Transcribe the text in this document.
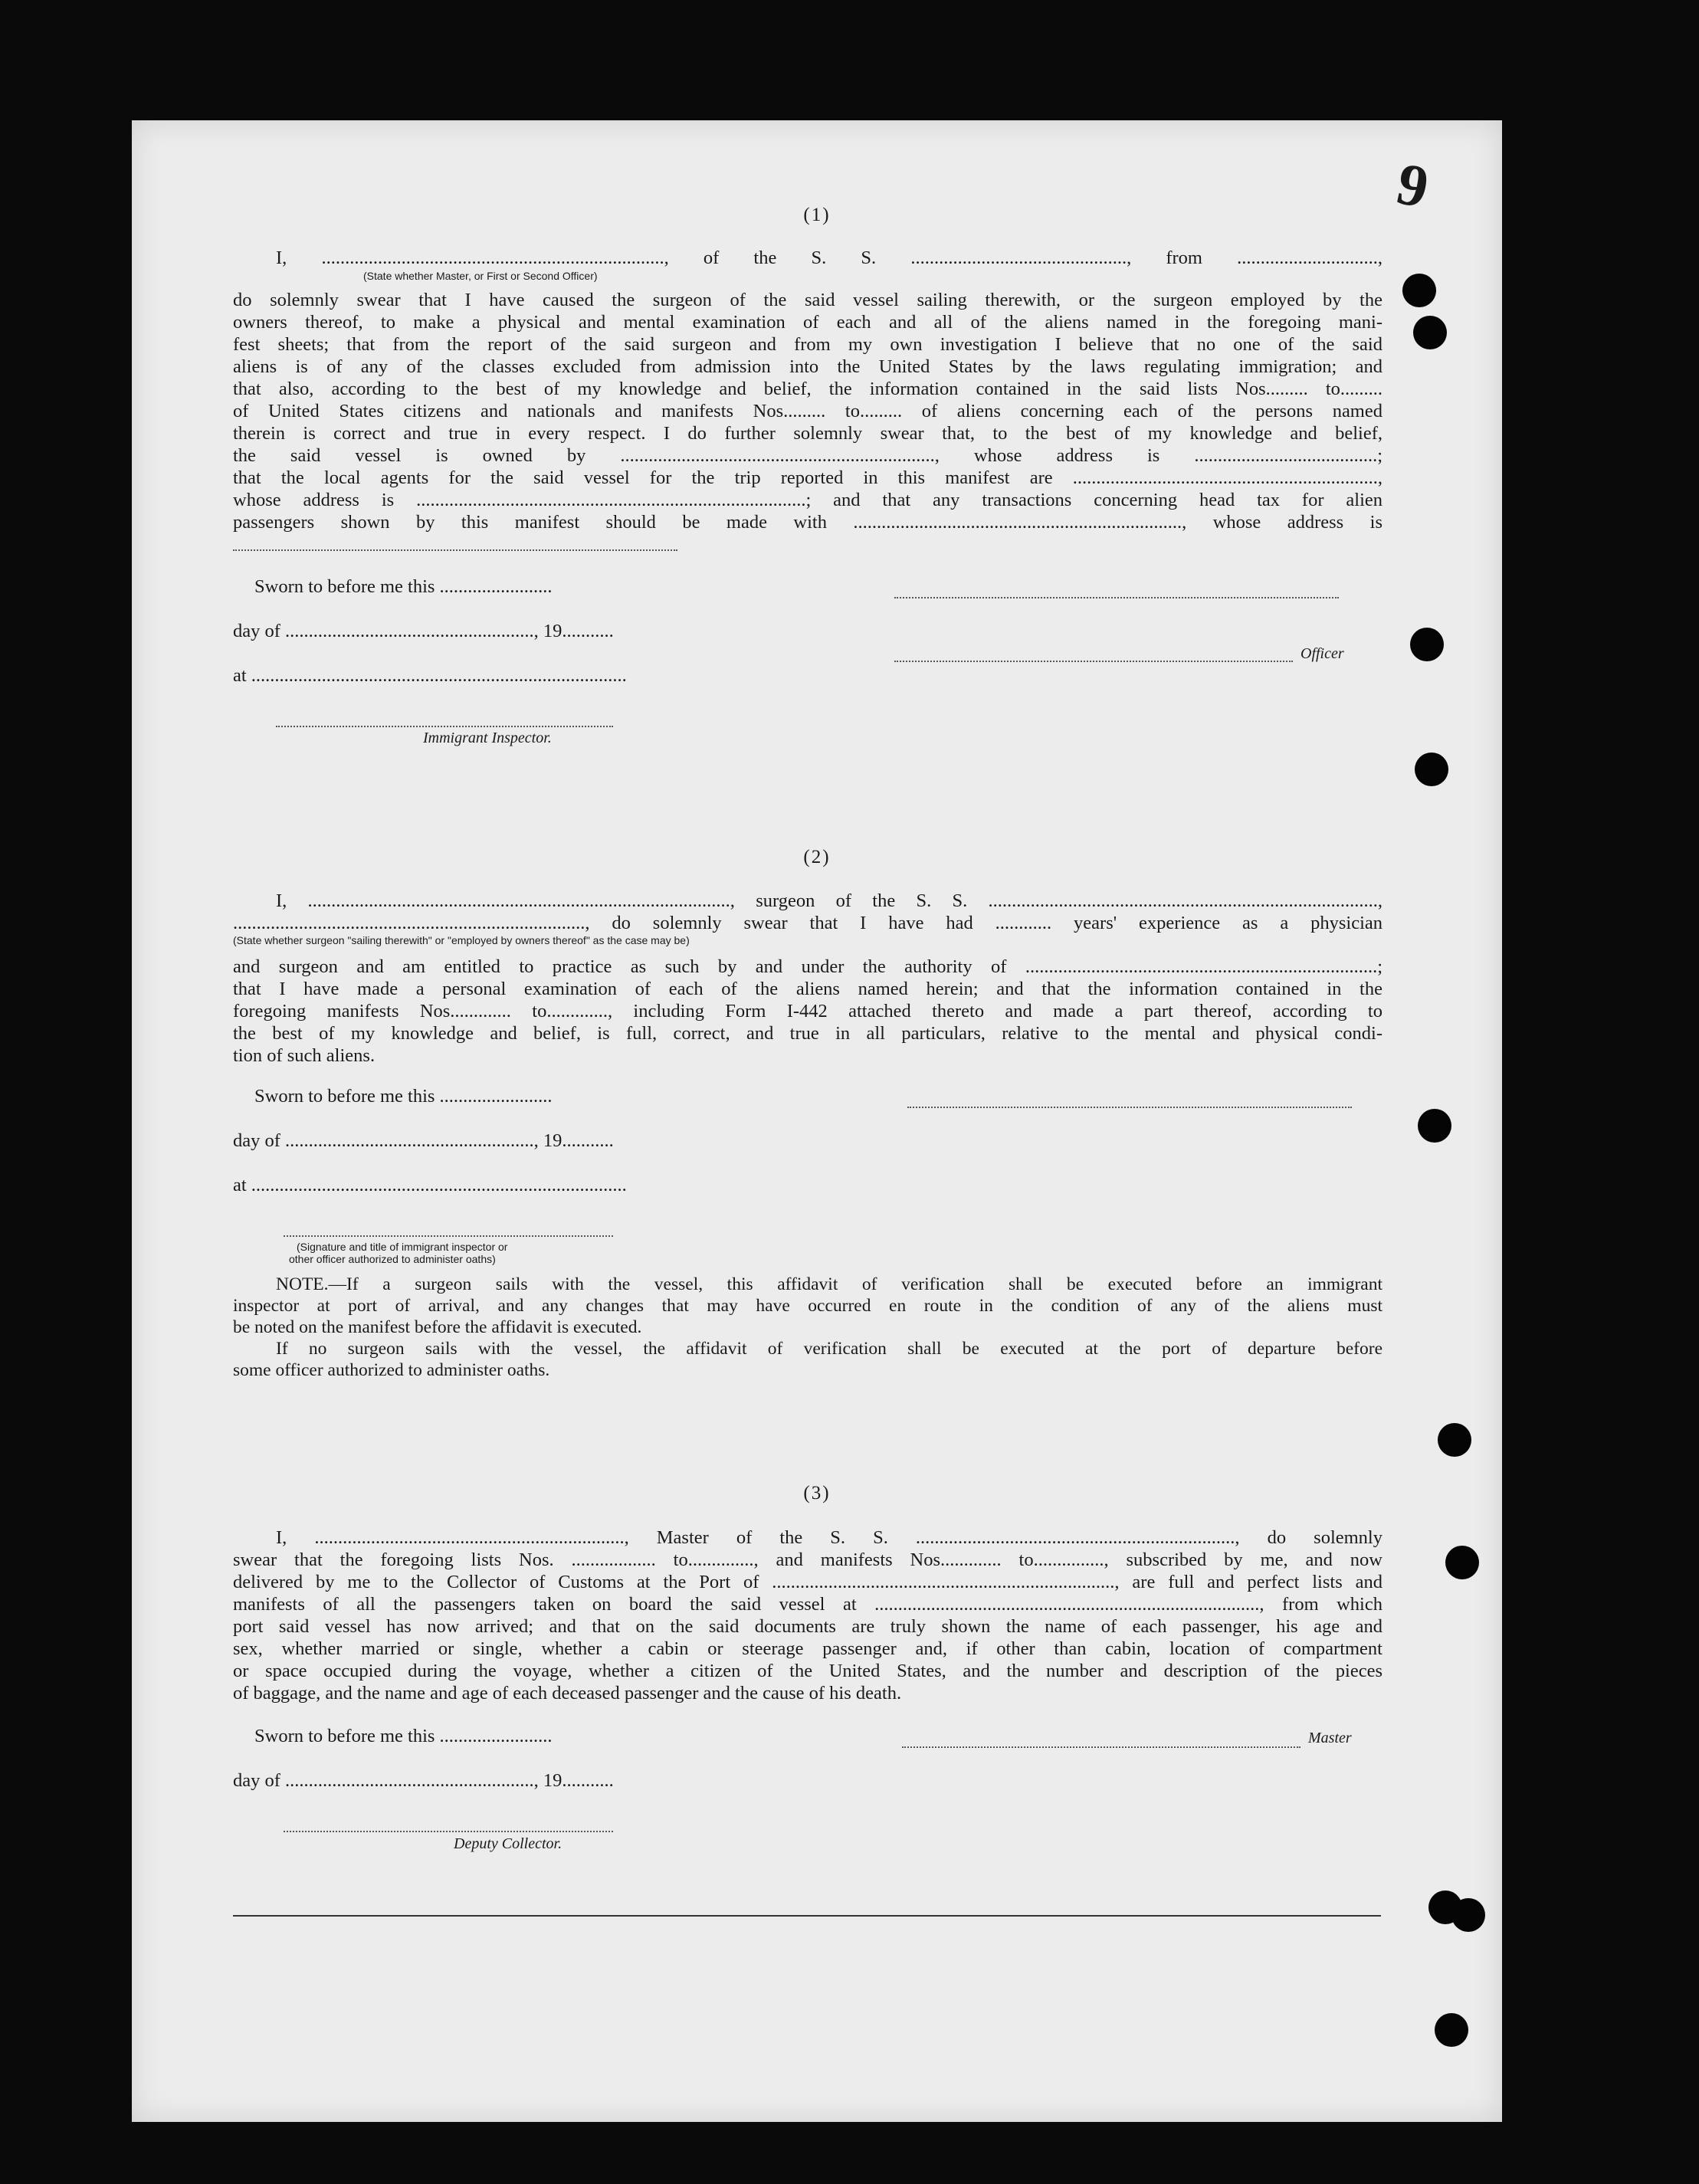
9
(1)
I, ........................................................................., of the S. S. .............................................., from ..............................,
(State whether Master, or First or Second Officer)
do solemnly swear that I have caused the surgeon of the said vessel sailing therewith, or the surgeon employed by the
owners thereof, to make a physical and mental examination of each and all of the aliens named in the foregoing mani-
fest sheets; that from the report of the said surgeon and from my own investigation I believe that no one of the said
aliens is of any of the classes excluded from admission into the United States by the laws regulating immigration; and
that also, according to the best of my knowledge and belief, the information contained in the said lists Nos......... to.........
of United States citizens and nationals and manifests Nos......... to......... of aliens concerning each of the persons named
therein is correct and true in every respect. I do further solemnly swear that, to the best of my knowledge and belief,
the said vessel is owned by ..................................................................., whose address is .......................................;
that the local agents for the said vessel for the trip reported in this manifest are .................................................................,
whose address is ...................................................................................; and that any transactions concerning head tax for alien
passengers shown by this manifest should be made with ......................................................................, whose address is
Sworn to before me this ........................
day of ....................................................., 19...........
at ................................................................................
Immigrant Inspector.
Officer
(2)
I, .........................................................................................., surgeon of the S. S. ...................................................................................,
..........................................................................., do solemnly swear that I have had ............ years' experience as a physician
(State whether surgeon "sailing therewith" or "employed by owners thereof" as the case may be)
and surgeon and am entitled to practice as such by and under the authority of ...........................................................................;
that I have made a personal examination of each of the aliens named herein; and that the information contained in the
foregoing manifests Nos............. to............., including Form I-442 attached thereto and made a part thereof, according to
the best of my knowledge and belief, is full, correct, and true in all particulars, relative to the mental and physical condi-
tion of such aliens.
Sworn to before me this ........................
day of ....................................................., 19...........
at ................................................................................
(Signature and title of immigrant inspector or
other officer authorized to administer oaths)
NOTE.—If a surgeon sails with the vessel, this affidavit of verification shall be executed before an immigrant
inspector at port of arrival, and any changes that may have occurred en route in the condition of any of the aliens must
be noted on the manifest before the affidavit is executed.
If no surgeon sails with the vessel, the affidavit of verification shall be executed at the port of departure before
some officer authorized to administer oaths.
(3)
I, .................................................................., Master of the S. S. ...................................................................., do solemnly
swear that the foregoing lists Nos. .................. to.............., and manifests Nos............. to..............., subscribed by me, and now
delivered by me to the Collector of Customs at the Port of ........................................................................., are full and perfect lists and
manifests of all the passengers taken on board the said vessel at .................................................................................., from which
port said vessel has now arrived; and that on the said documents are truly shown the name of each passenger, his age and
sex, whether married or single, whether a cabin or steerage passenger and, if other than cabin, location of compartment
or space occupied during the voyage, whether a citizen of the United States, and the number and description of the pieces
of baggage, and the name and age of each deceased passenger and the cause of his death.
Sworn to before me this ........................
day of ....................................................., 19...........
Master
Deputy Collector.
